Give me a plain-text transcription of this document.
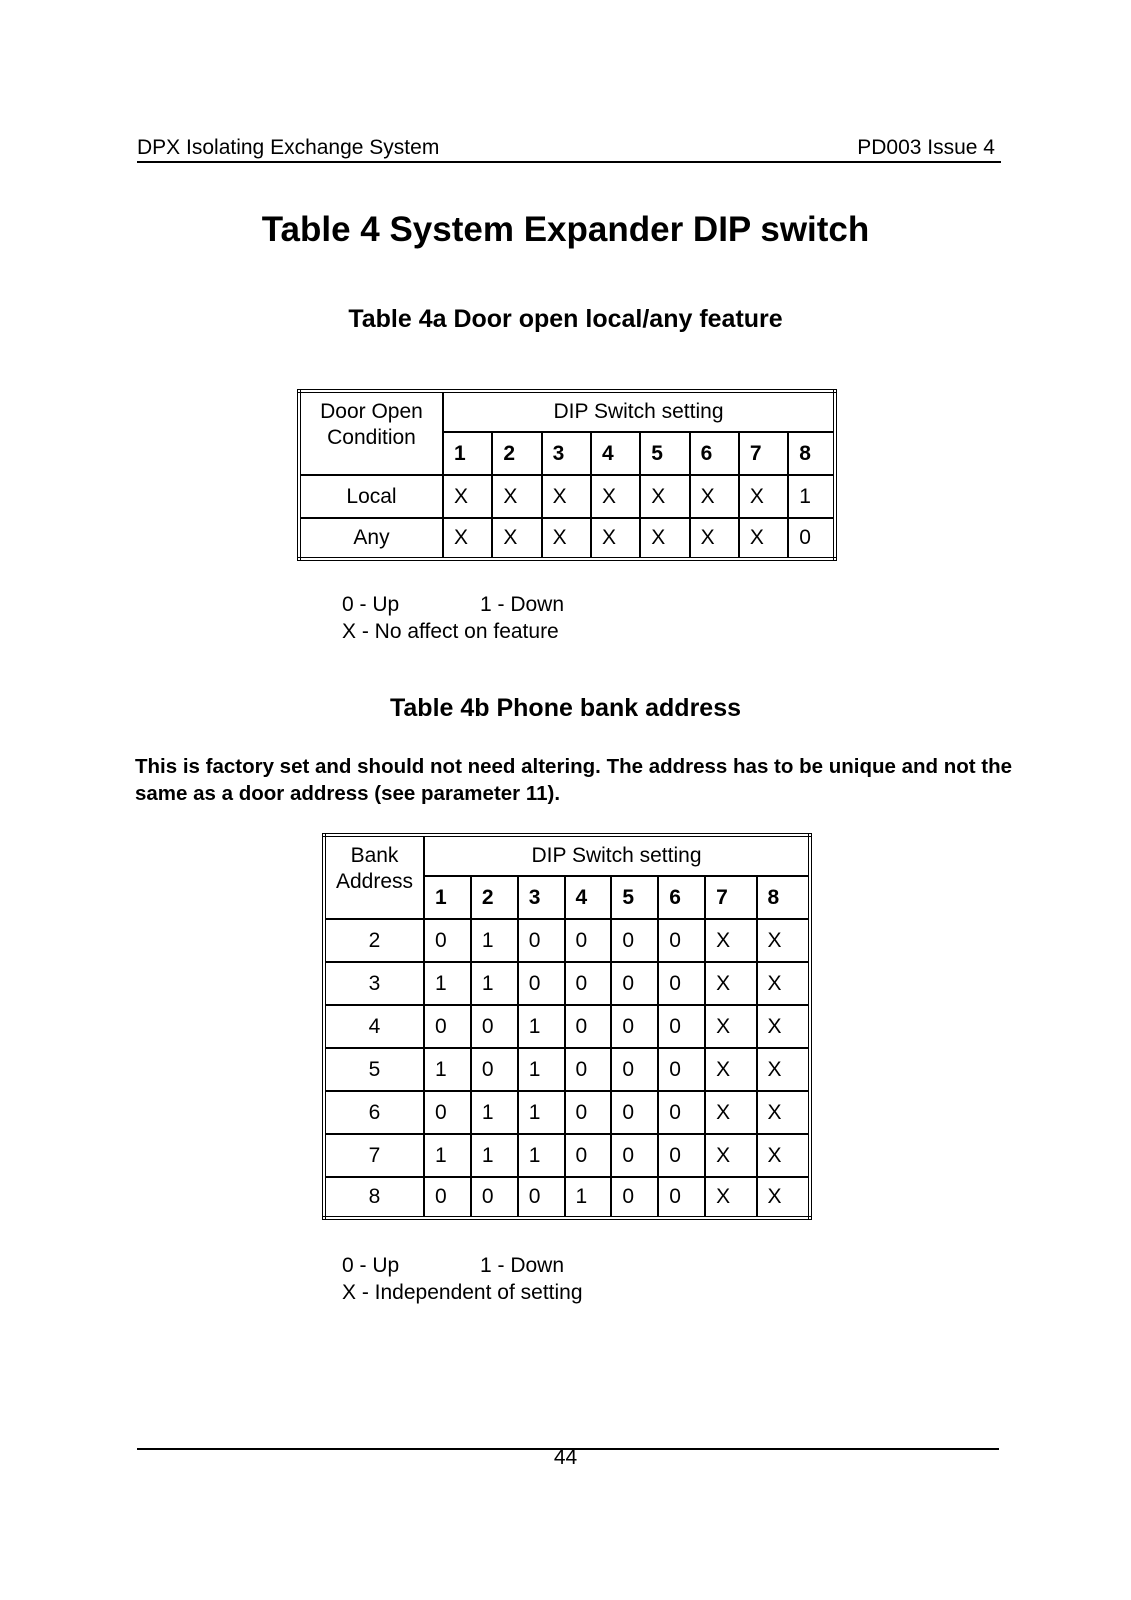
DPX Isolating Exchange System	PD003 Issue 4
Table 4 System Expander DIP switch
Table 4a Door open local/any feature
Door Open Condition	DIP Switch setting							
	1	2	3	4	5	6	7	8
Local	X	X	X	X	X	X	X	1
Any	X	X	X	X	X	X	X	0
0 - Up	1 - Down
X - No affect on feature
Table 4b Phone bank address
This is factory set and should not need altering. The address has to be unique and not the same as a door address (see parameter 11).
Bank Address	DIP Switch setting							
	1	2	3	4	5	6	7	8
2	0	1	0	0	0	0	X	X
3	1	1	0	0	0	0	X	X
4	0	0	1	0	0	0	X	X
5	1	0	1	0	0	0	X	X
6	0	1	1	0	0	0	X	X
7	1	1	1	0	0	0	X	X
8	0	0	0	1	0	0	X	X
0 - Up	1 - Down
X - Independent of setting
44
